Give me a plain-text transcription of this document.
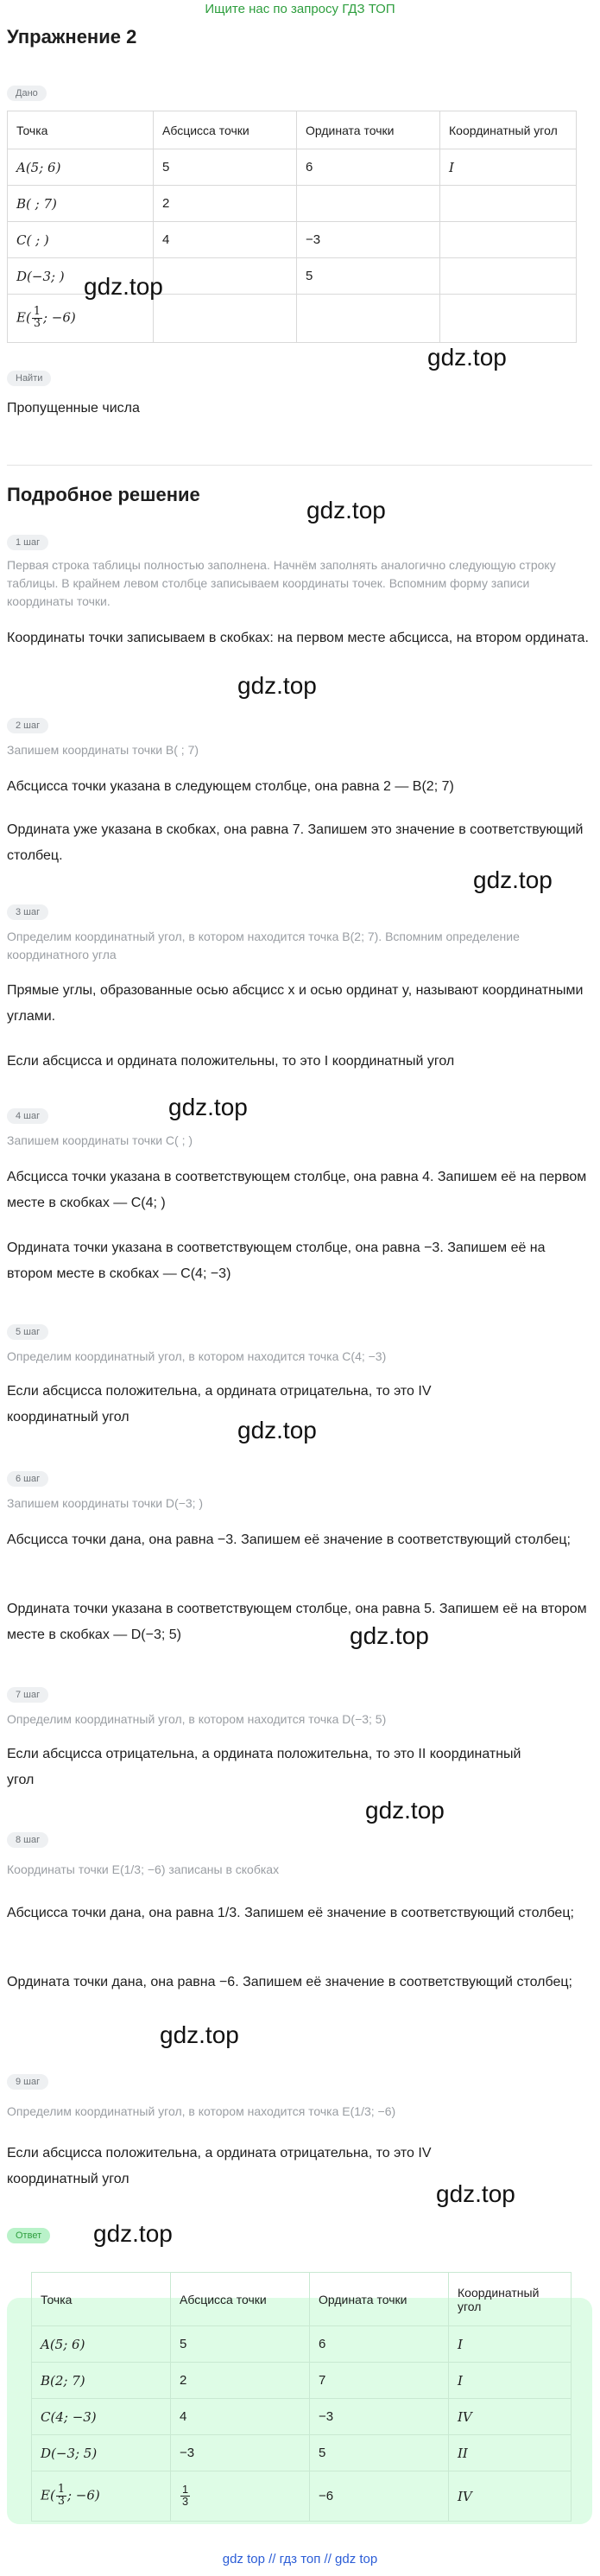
Ищите нас по запросу ГДЗ ТОП
Упражнение 2
Дано
Точка	Абсцисса точки	Ордината точки	Координатный угол
A(5; 6)	5	6	I
B( ; 7)	2		
C( ; )	4	−3	
D(−3; )		5	
$E( \frac{1}{3}$ ; −6)			
gdz.top
gdz.top
Найти
Пропущенные числа
Подробное решение
gdz.top
1 шаг
Первая строка таблицы полностью заполнена. Начнём заполнять аналогично следующую строку таблицы. В крайнем левом столбце записываем координаты точек. Вспомним форму записи координаты точки.
Координаты точки записываем в скобках: на первом месте абсцисса, на втором ордината.
gdz.top
2 шаг
Запишем координаты точки B( ; 7)
Абсцисса точки указана в следующем столбце, она равна 2 — B(2; 7)
Ордината уже указана в скобках, она равна 7. Запишем это значение в соответствующий столбец.
gdz.top
3 шаг
Определим координатный угол, в котором находится точка B(2; 7). Вспомним определение координатного угла
Прямые углы, образованные осью абсцисс x и осью ординат y, называют координатными углами.
Если абсцисса и ордината положительны, то это I координатный угол
gdz.top
4 шаг
Запишем координаты точки C( ; )
Абсцисса точки указана в соответствующем столбце, она равна 4. Запишем её на первом месте в скобках — C(4; )
Ордината точки указана в соответствующем столбце, она равна −3. Запишем её на втором месте в скобках — C(4; −3)
5 шаг
Определим координатный угол, в котором находится точка C(4; −3)
Если абсцисса положительна, а ордината отрицательна, то это IV координатный угол	gdz.top
6 шаг
Запишем координаты точки D(−3; )
Абсцисса точки дана, она равна −3. Запишем её значение в соответствующий столбец;
Ордината точки указана в соответствующем столбце, она равна 5. Запишем её на втором месте в скобках — D(−3; 5)	gdz.top
7 шаг
Определим координатный угол, в котором находится точка D(−3; 5)
Если абсцисса отрицательна, а ордината положительна, то это II координатный угол
gdz.top
8 шаг
Координаты точки E(1/3; −6) записаны в скобках
Абсцисса точки дана, она равна 1/3. Запишем её значение в соответствующий столбец;
Ордината точки дана, она равна −6. Запишем её значение в соответствующий столбец;
gdz.top
9 шаг
Определим координатный угол, в котором находится точка E(1/3; −6)
Если абсцисса положительна, а ордината отрицательна, то это IV координатный угол
gdz.top
Ответ	gdz.top
Точка	Абсцисса точки	Ордината точки	Координатный угол
A(5; 6)	5	6	I
B(2; 7)	2	7	I
C(4; −3)	4	−3	IV
D(−3; 5)	−3	5	II
$E( \frac{1}{3}$ ; −6)	$\frac{1}{3}$	−6	IV
gdz top // гдз топ // gdz top
